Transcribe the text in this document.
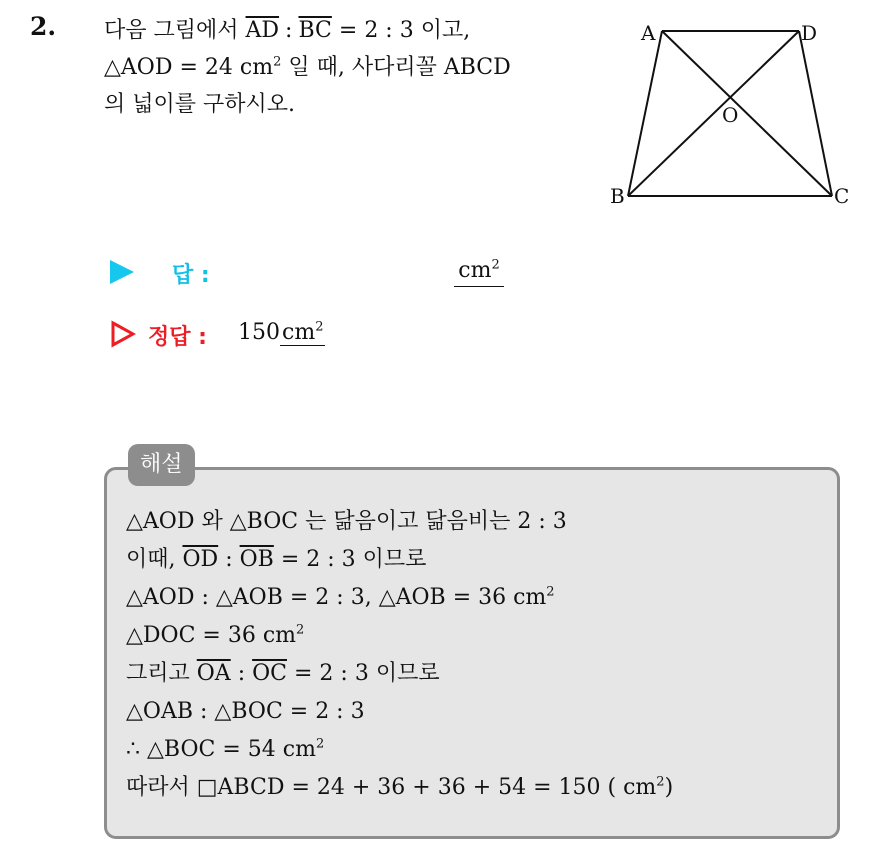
2. 다음 그림에서 $\overline{AD}$ : $\overline{BC} = 2$ : 3 이고,
△AOD = 24 $cm^2$ 일 때, 사다리꼴 ABCD
의 넓이를 구하시오.
A	D
O
B	C
답 :	$cm^2$
정답 : $150cm^2$
해설
△AOD 와 △BOC 는 닮음이고 닮음비는 2 : 3
이때, $\overline{OD}$ : $\overline{OB} = 2$ : 3 이므로
△AOD : △AOB = 2 : 3, △AOB = 36 $cm^2$
△DOC = 36 $cm^2$
그리고 $\overline{OA}$ : $\overline{OC} = 2$ : 3 이므로
△OAB : △BOC = 2 : 3
∴ △BOC = 54 $cm^2$
따라서 □ABCD = 24 + 36 + 36 + 54 = 150 ( $cm^2$)
